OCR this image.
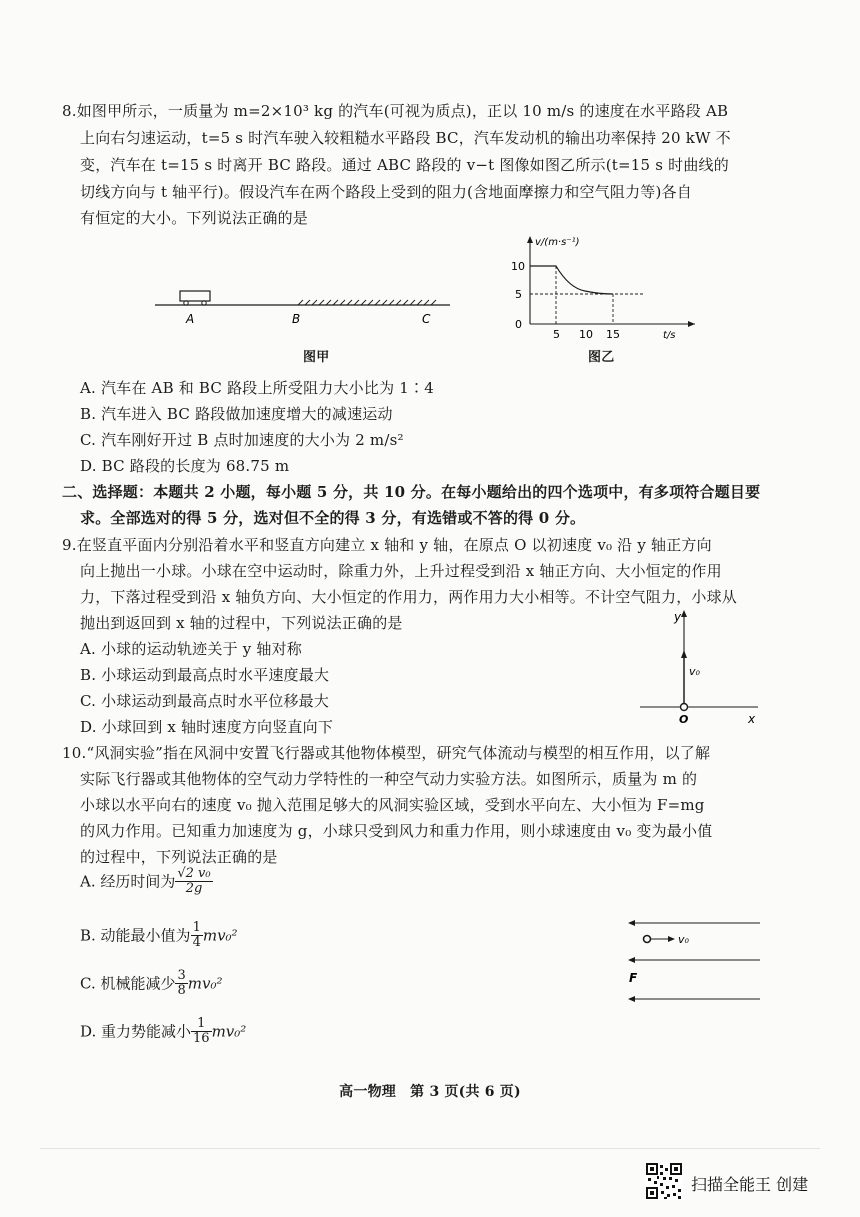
8.如图甲所示，一质量为 m=2×10³ kg 的汽车(可视为质点)，正以 10 m/s 的速度在水平路段 AB
上向右匀速运动，t=5 s 时汽车驶入较粗糙水平路段 BC，汽车发动机的输出功率保持 20 kW 不
变，汽车在 t=15 s 时离开 BC 路段。通过 ABC 路段的 v−t 图像如图乙所示(t=15 s 时曲线的
切线方向与 t 轴平行)。假设汽车在两个路段上受到的阻力(含地面摩擦力和空气阻力等)各自
有恒定的大小。下列说法正确的是
A	B	C
图甲
v/(m·s⁻¹)
t/s
10
5
0
5 10 15
图乙
A. 汽车在 AB 和 BC 路段上所受阻力大小比为 1∶4
B. 汽车进入 BC 路段做加速度增大的减速运动
C. 汽车刚好开过 B 点时加速度的大小为 2 m/s²
D. BC 路段的长度为 68.75 m
二、选择题：本题共 2 小题，每小题 5 分，共 10 分。在每小题给出的四个选项中，有多项符合题目要
求。全部选对的得 5 分，选对但不全的得 3 分，有选错或不答的得 0 分。
9.在竖直平面内分别沿着水平和竖直方向建立 x 轴和 y 轴，在原点 O 以初速度 v₀ 沿 y 轴正方向
向上抛出一小球。小球在空中运动时，除重力外，上升过程受到沿 x 轴正方向、大小恒定的作用
力，下落过程受到沿 x 轴负方向、大小恒定的作用力，两作用力大小相等。不计空气阻力，小球从
抛出到返回到 x 轴的过程中，下列说法正确的是
A. 小球的运动轨迹关于 y 轴对称
B. 小球运动到最高点时水平速度最大
C. 小球运动到最高点时水平位移最大
D. 小球回到 x 轴时速度方向竖直向下
y
x
O
v₀
10.“风洞实验”指在风洞中安置飞行器或其他物体模型，研究气体流动与模型的相互作用，以了解
实际飞行器或其他物体的空气动力学特性的一种空气动力实验方法。如图所示，质量为 m 的
小球以水平向右的速度 v₀ 抛入范围足够大的风洞实验区域，受到水平向左、大小恒为 F=mg
的风力作用。已知重力加速度为 g，小球只受到风力和重力作用，则小球速度由 v₀ 变为最小值
的过程中，下列说法正确的是
A. 经历时间为 $\frac{\text{√2 v₀}}{2g}$
B. 动能最小值为 $\frac{1}{4} mv_0^2$
C. 机械能减少 $\frac{3}{8} mv_0^2$
D. 重力势能减小 $\frac{1}{16} mv_0^2$
v₀
F
高一物理　第 3 页(共 6 页)
扫描全能王 创建
